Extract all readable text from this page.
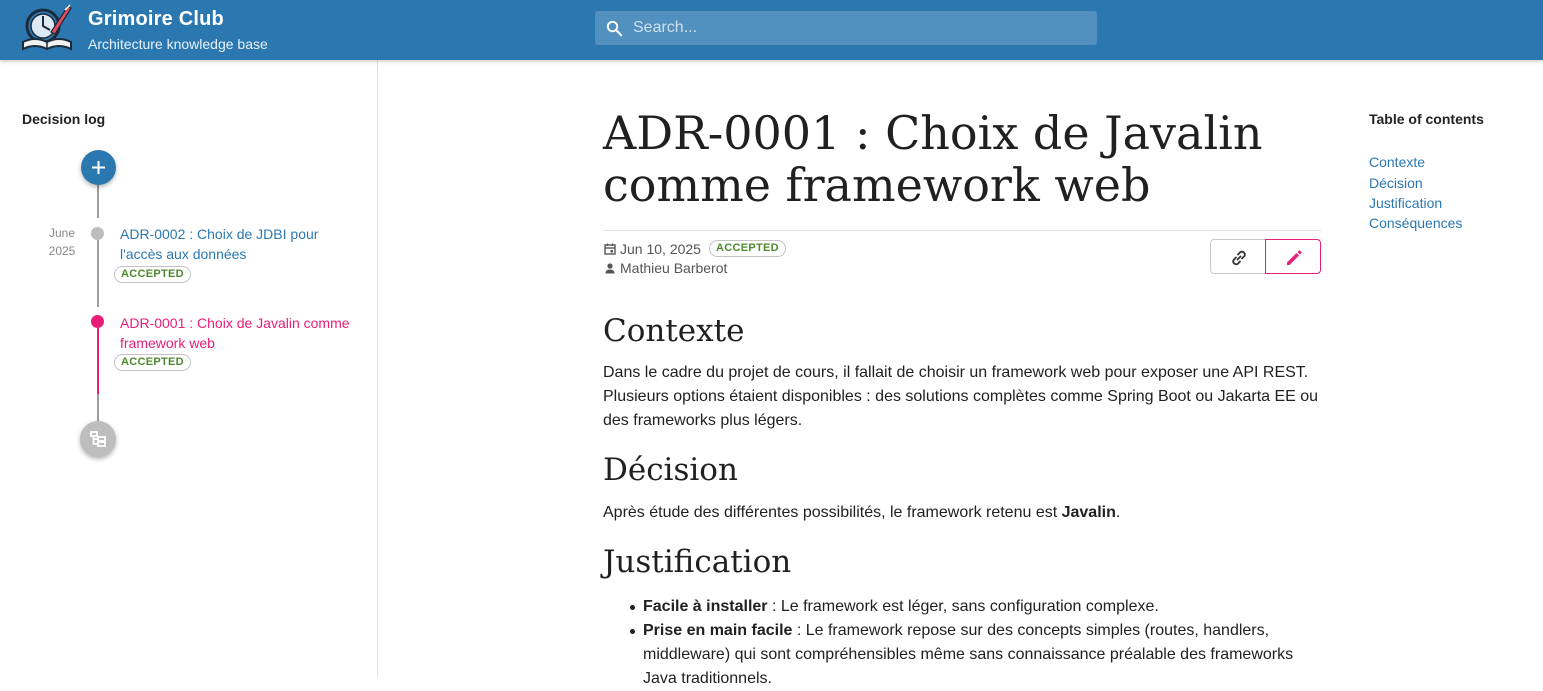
Grimoire Club
Architecture knowledge base
Search...
Decision log
June
2025
ADR-0002 : Choix de JDBI pour l'accès aux données
ACCEPTED
ADR-0001 : Choix de Javalin comme framework web
ACCEPTED
ADR-0001 : Choix de Javalin comme framework web
Jun 10, 2025	ACCEPTED
Mathieu Barberot
Contexte

Dans le cadre du projet de cours, il fallait de choisir un framework web pour exposer une API REST. Plusieurs options étaient disponibles : des solutions complètes comme Spring Boot ou Jakarta EE ou des frameworks plus légers.

Décision

Après étude des différentes possibilités, le framework retenu est Javalin.

Justification
Facile à installer : Le framework est léger, sans configuration complexe.
Prise en main facile : Le framework repose sur des concepts simples (routes, handlers, middleware) qui sont compréhensibles même sans connaissance préalable des frameworks Java traditionnels.
Table of contents
Contexte
Décision
Justification
Conséquences
